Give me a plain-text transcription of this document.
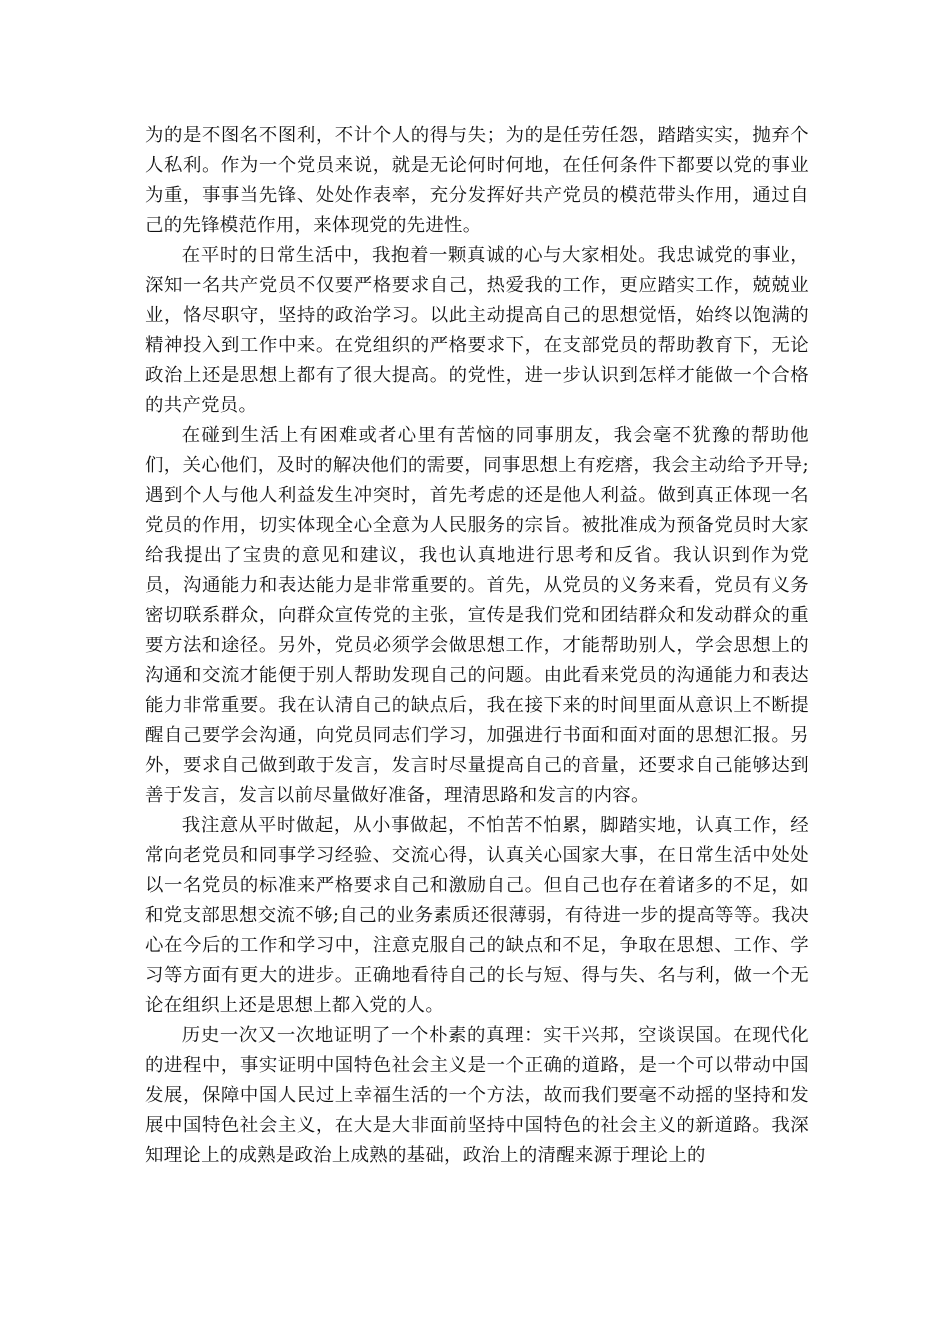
为的是不图名不图利，不计个人的得与失；为的是任劳任怨，踏踏实实，抛弃个人私利。作为一个党员来说，就是无论何时何地，在任何条件下都要以党的事业为重，事事当先锋、处处作表率，充分发挥好共产党员的模范带头作用，通过自己的先锋模范作用，来体现党的先进性。

在平时的日常生活中，我抱着一颗真诚的心与大家相处。我忠诚党的事业，深知一名共产党员不仅要严格要求自己，热爱我的工作，更应踏实工作，兢兢业业，恪尽职守，坚持的政治学习。以此主动提高自己的思想觉悟，始终以饱满的精神投入到工作中来。在党组织的严格要求下，在支部党员的帮助教育下，无论政治上还是思想上都有了很大提高。的党性，进一步认识到怎样才能做一个合格的共产党员。

在碰到生活上有困难或者心里有苦恼的同事朋友，我会毫不犹豫的帮助他们，关心他们，及时的解决他们的需要，同事思想上有疙瘩，我会主动给予开导;遇到个人与他人利益发生冲突时，首先考虑的还是他人利益。做到真正体现一名党员的作用，切实体现全心全意为人民服务的宗旨。被批准成为预备党员时大家给我提出了宝贵的意见和建议，我也认真地进行思考和反省。我认识到作为党员，沟通能力和表达能力是非常重要的。首先，从党员的义务来看，党员有义务密切联系群众，向群众宣传党的主张，宣传是我们党和团结群众和发动群众的重要方法和途径。另外，党员必须学会做思想工作，才能帮助别人，学会思想上的沟通和交流才能便于别人帮助发现自己的问题。由此看来党员的沟通能力和表达能力非常重要。我在认清自己的缺点后，我在接下来的时间里面从意识上不断提醒自己要学会沟通，向党员同志们学习，加强进行书面和面对面的思想汇报。另外，要求自己做到敢于发言，发言时尽量提高自己的音量，还要求自己能够达到善于发言，发言以前尽量做好准备，理清思路和发言的内容。

我注意从平时做起，从小事做起，不怕苦不怕累，脚踏实地，认真工作，经常向老党员和同事学习经验、交流心得，认真关心国家大事，在日常生活中处处以一名党员的标准来严格要求自己和激励自己。但自己也存在着诸多的不足，如和党支部思想交流不够;自己的业务素质还很薄弱，有待进一步的提高等等。我决心在今后的工作和学习中，注意克服自己的缺点和不足，争取在思想、工作、学习等方面有更大的进步。正确地看待自己的长与短、得与失、名与利，做一个无论在组织上还是思想上都入党的人。

历史一次又一次地证明了一个朴素的真理：实干兴邦，空谈误国。在现代化的进程中，事实证明中国特色社会主义是一个正确的道路，是一个可以带动中国发展，保障中国人民过上幸福生活的一个方法，故而我们要毫不动摇的坚持和发展中国特色社会主义，在大是大非面前坚持中国特色的社会主义的新道路。我深知理论上的成熟是政治上成熟的基础，政治上的清醒来源于理论上的
